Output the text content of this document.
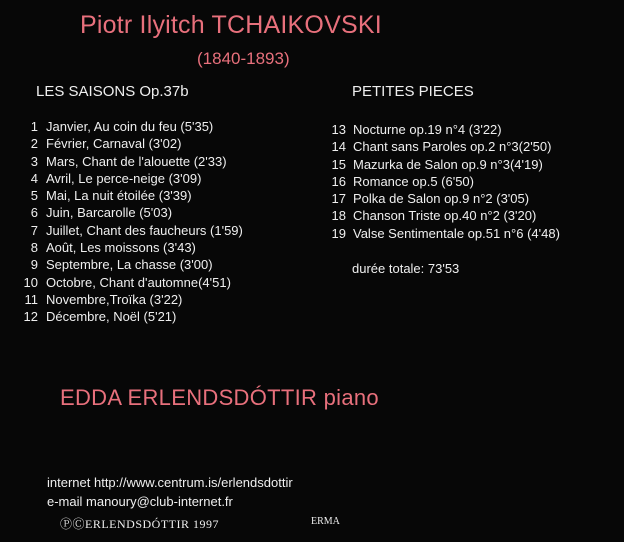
Piotr Ilyitch TCHAIKOVSKI
(1840-1893)
LES SAISONS Op.37b	PETITES PIECES
1 Janvier, Au coin du feu (5'35)
2 Février, Carnaval (3'02)
3 Mars, Chant de l'alouette (2'33)
4 Avril, Le perce-neige (3'09)
5 Mai, La nuit étoilée (3'39)
6 Juin, Barcarolle (5'03)
7 Juillet, Chant des faucheurs (1'59)
8 Août, Les moissons (3'43)
9 Septembre, La chasse (3'00)
10 Octobre, Chant d'automne(4'51)
11 Novembre,Troïka (3'22)
12 Décembre, Noël (5'21)
13 Nocturne op.19 n°4 (3'22)
14 Chant sans Paroles op.2 n°3(2'50)
15 Mazurka de Salon op.9 n°3(4'19)
16 Romance op.5 (6'50)
17 Polka de Salon op.9 n°2 (3'05)
18 Chanson Triste op.40 n°2 (3'20)
19 Valse Sentimentale op.51 n°6 (4'48)
durée totale: 73'53
EDDA ERLENDSDÓTTIR piano
internet http://www.centrum.is/erlendsdottir
e-mail manoury@club-internet.fr
ⓅⒸERLENDSDÓTTIR 1997	ERMA
